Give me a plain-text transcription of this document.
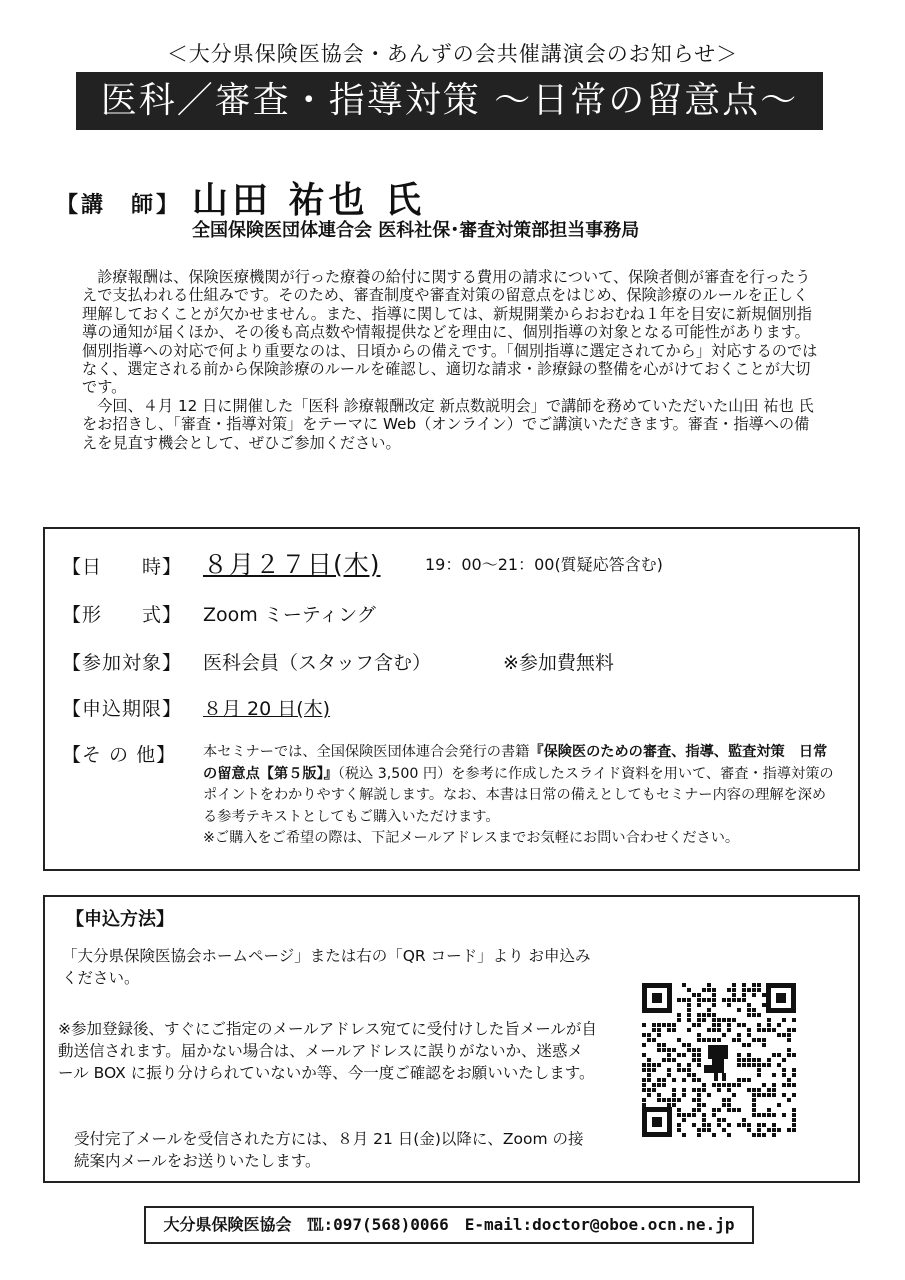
＜大分県保険医協会・あんずの会共催講演会のお知らせ＞
医科／審査・指導対策 ～日常の留意点～
【講　師】 山田 祐也 氏
全国保険医団体連合会 医科社保･審査対策部担当事務局

診療報酬は、保険医療機関が行った療養の給付に関する費用の請求について、保険者側が審査を行ったうえで支払われる仕組みです。そのため、審査制度や審査対策の留意点をはじめ、保険診療のルールを正しく理解しておくことが欠かせません。また、指導に関しては、新規開業からおおむね１年を目安に新規個別指導の通知が届くほか、その後も高点数や情報提供などを理由に、個別指導の対象となる可能性があります。個別指導への対応で何より重要なのは、日頃からの備えです。「個別指導に選定されてから」対応するのではなく、選定される前から保険診療のルールを確認し、適切な請求・診療録の整備を心がけておくことが大切です。

今回、４月 12 日に開催した「医科 診療報酬改定 新点数説明会」で講師を務めていただいた山田 祐也 氏をお招きし、「審査・指導対策」をテーマに Web（オンライン）でご講演いただきます。審査・指導への備えを見直す機会として、ぜひご参加ください。

【日　　時】 ８月２７日(木)	19：00～21：00(質疑応答含む)
【形　　式】 Zoom ミーティング
【参加対象】 医科会員（スタッフ含む）	※参加費無料
【申込期限】 ８月 20 日(木)
【そ の 他】 本セミナーでは、全国保険医団体連合会発行の書籍『保険医のための審査、指導、監査対策　日常の留意点【第５版】』（税込 3,500 円）を参考に作成したスライド資料を用いて、審査・指導対策のポイントをわかりやすく解説します。なお、本書は日常の備えとしてもセミナー内容の理解を深める参考テキストとしてもご購入いただけます。
※ご購入をご希望の際は、下記メールアドレスまでお気軽にお問い合わせください。
【申込方法】
「大分県保険医協会ホームページ」または右の「QR コード」より お申込みください。
※参加登録後、すぐにご指定のメールアドレス宛てに受付けした旨メールが自動送信されます。届かない場合は、メールアドレスに誤りがないか、迷惑メール BOX に振り分けられていないか等、今一度ご確認をお願いいたします。
受付完了メールを受信された方には、８月 21 日(金)以降に、Zoom の接続案内メールをお送りいたします。
大分県保険医協会　℡:097(568)0066　E-mail:doctor@oboe.ocn.ne.jp
